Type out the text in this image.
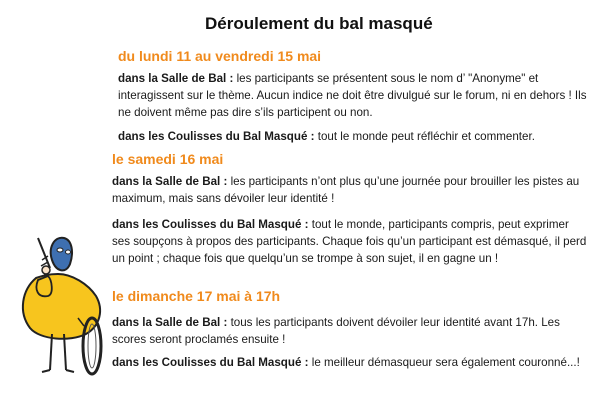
Déroulement du bal masqué
du lundi 11 au vendredi 15 mai
dans la Salle de Bal : les participants se présentent sous le nom d’ "Anonyme" et interagissent sur le thème. Aucun indice ne doit être divulgué sur le forum, ni en dehors ! Ils ne doivent même pas dire s’ils participent ou non.
dans les Coulisses du Bal Masqué : tout le monde peut réfléchir et commenter.
le samedi 16 mai
dans la Salle de Bal : les participants n’ont plus qu’une journée pour brouiller les pistes au maximum, mais sans dévoiler leur identité !
dans les Coulisses du Bal Masqué : tout le monde, participants compris, peut exprimer ses soupçons à propos des participants. Chaque fois qu’un participant est démasqué, il perd un point ; chaque fois que quelqu’un se trompe à son sujet, il en gagne un !
le dimanche 17 mai à 17h
dans la Salle de Bal : tous les participants doivent dévoiler leur identité avant 17h. Les scores seront proclamés ensuite !
dans les Coulisses du Bal Masqué : le meilleur démasqueur sera également couronné...!
